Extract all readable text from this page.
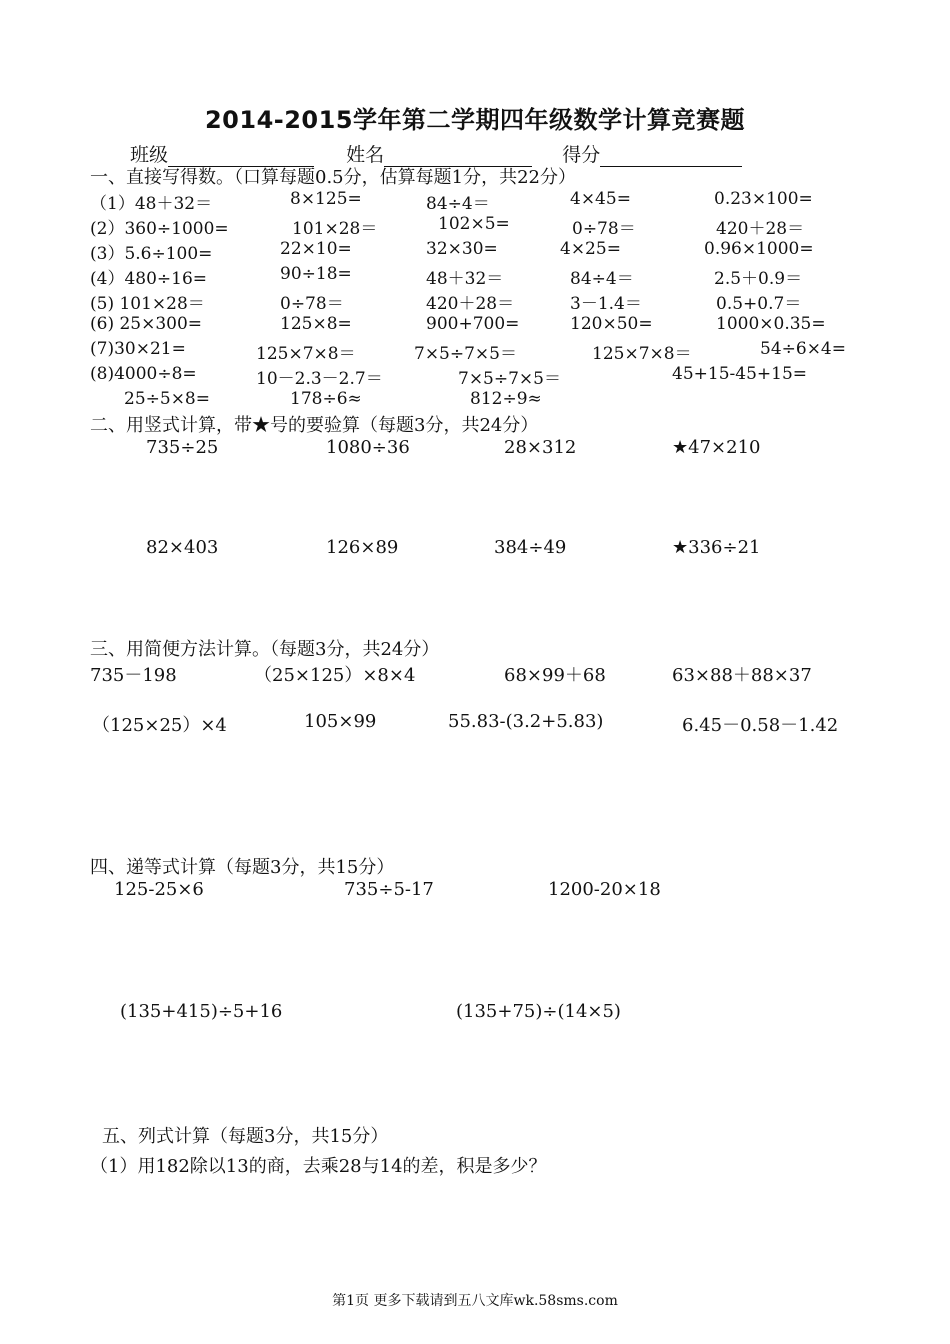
2014-2015学年第二学期四年级数学计算竞赛题
班级	姓名	得分
一、直接写得数。（口算每题0.5分，估算每题1分，共22分）
（1）48＋32＝	8×125=	84÷4＝	4×45=	0.23×100=
(2）360÷1000=	101×28＝	102×5=	0÷78＝	420＋28＝
(3）5.6÷100=	22×10=	32×30=	4×25=	0.96×1000=
(4）480÷16=	90÷18=	48＋32＝	84÷4＝	2.5＋0.9＝
(5) 101×28＝	0÷78＝	420＋28＝	3－1.4＝	0.5+0.7＝
(6) 25×300=	125×8=	900+700=	120×50=	1000×0.35=
(7)30×21=	125×7×8＝	7×5÷7×5＝	125×7×8＝	54÷6×4=
(8)4000÷8=	10－2.3－2.7＝	7×5÷7×5＝	45+15-45+15=
25÷5×8=	178÷6≈	812÷9≈
二、用竖式计算，带★号的要验算（每题3分，共24分）
735÷25	1080÷36	28×312	★47×210
82×403	126×89	384÷49	★336÷21
三、用简便方法计算。（每题3分，共24分）
735－198	（25×125）×8×4	68×99＋68	63×88＋88×37
（125×25）×4	105×99	55.83-(3.2+5.83)	6.45－0.58－1.42
四、递等式计算（每题3分，共15分）
125-25×6	735÷5-17	1200-20×18
(135+415)÷5+16	(135+75)÷(14×5)
五、列式计算（每题3分，共15分）
（1）用182除以13的商，去乘28与14的差，积是多少？
第1页 更多下载请到五八文库wk.58sms.com
